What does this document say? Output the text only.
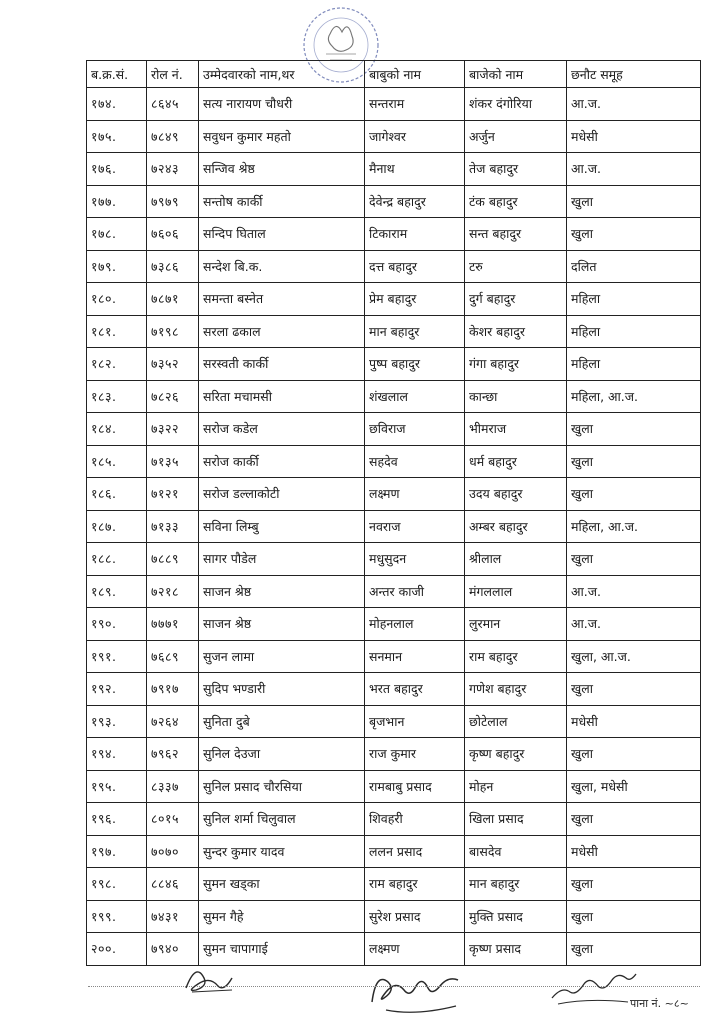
ब.क्र.सं.	रोल नं.	उम्मेदवारको नाम,थर	बाबुको नाम	बाजेको नाम	छनौट समूह
१७४.	८६४५	सत्य नारायण चौधरी	सन्तराम	शंकर दंगोरिया	आ.ज.
१७५.	७८४९	सवुधन कुमार महतो	जागेश्वर	अर्जुन	मधेसी
१७६.	७२४३	सन्जिव श्रेष्ठ	मैनाथ	तेज बहादुर	आ.ज.
१७७.	७९७९	सन्तोष कार्की	देवेन्द्र बहादुर	टंक बहादुर	खुला
१७८.	७६०६	सन्दिप घिताल	टिकाराम	सन्त बहादुर	खुला
१७९.	७३८६	सन्देश बि.क.	दत्त बहादुर	टरु	दलित
१८०.	७८७१	समन्ता बस्नेत	प्रेम बहादुर	दुर्ग बहादुर	महिला
१८१.	७१९८	सरला ढकाल	मान बहादुर	केशर बहादुर	महिला
१८२.	७३५२	सरस्वती कार्की	पुष्प बहादुर	गंगा बहादुर	महिला
१८३.	७८२६	सरिता मचामसी	शंखलाल	कान्छा	महिला, आ.ज.
१८४.	७३२२	सरोज कडेल	छविराज	भीमराज	खुला
१८५.	७१३५	सरोज कार्की	सहदेव	धर्म बहादुर	खुला
१८६.	७१२१	सरोज डल्लाकोटी	लक्ष्मण	उदय बहादुर	खुला
१८७.	७१३३	सविना लिम्बु	नवराज	अम्बर बहादुर	महिला, आ.ज.
१८८.	७८८९	सागर पौडेल	मधुसुदन	श्रीलाल	खुला
१८९.	७२१८	साजन श्रेष्ठ	अन्तर काजी	मंगललाल	आ.ज.
१९०.	७७७१	साजन श्रेष्ठ	मोहनलाल	लुरमान	आ.ज.
१९१.	७६८९	सुजन लामा	सनमान	राम बहादुर	खुला, आ.ज.
१९२.	७९१७	सुदिप भण्डारी	भरत बहादुर	गणेश बहादुर	खुला
१९३.	७२६४	सुनिता दुबे	बृजभान	छोटेलाल	मधेसी
१९४.	७९६२	सुनिल देउजा	राज कुमार	कृष्ण बहादुर	खुला
१९५.	८३३७	सुनिल प्रसाद चौरसिया	रामबाबु प्रसाद	मोहन	खुला, मधेसी
१९६.	८०१५	सुनिल शर्मा चिलुवाल	शिवहरी	खिला प्रसाद	खुला
१९७.	७०७०	सुन्दर कुमार यादव	ललन प्रसाद	बासदेव	मधेसी
१९८.	८८४६	सुमन खड्का	राम बहादुर	मान बहादुर	खुला
१९९.	७४३१	सुमन गैहे	सुरेश प्रसाद	मुक्ति प्रसाद	खुला
२००.	७९४०	सुमन चापागाई	लक्ष्मण	कृष्ण प्रसाद	खुला
पाना नं. ~८~
